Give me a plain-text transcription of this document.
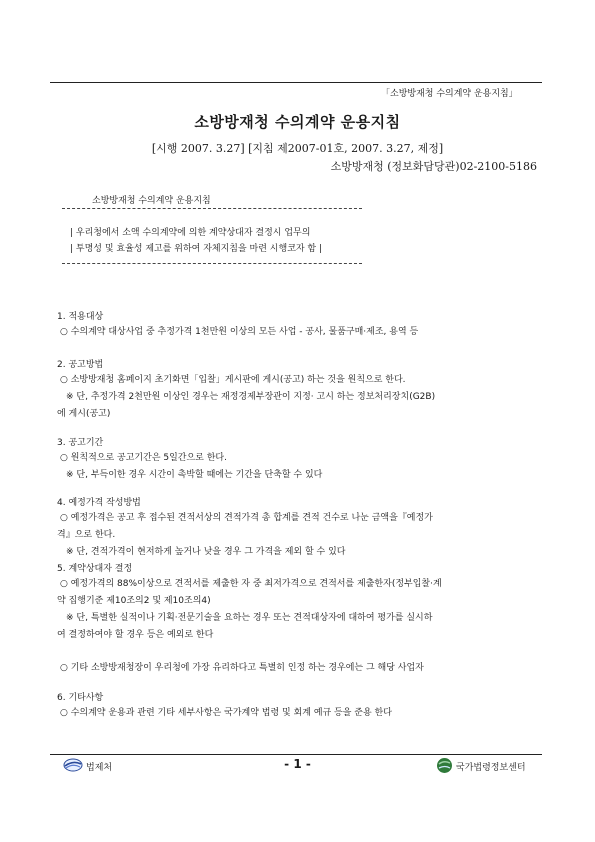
「소방방재청 수의계약 운용지침」
소방방재청 수의계약 운용지침
[시행 2007. 3.27] [지침 제2007-01호, 2007. 3.27, 제정]
소방방재청 (정보화담당관)02-2100-5186
소방방재청 수의계약 운용지침
| 우리청에서 소액 수의계약에 의한 계약상대자 결정시 업무의
| 투명성 및 효율성 제고를 위하여 자체지침을 마련 시행코자 함 |
1. 적용대상
○ 수의계약 대상사업 중 추정가격 1천만원 이상의 모든 사업 - 공사, 물품구매·제조, 용역 등
2. 공고방법
○ 소방방재청 홈페이지 초기화면「입찰」게시판에 게시(공고) 하는 것을 원칙으로 한다.
※ 단, 추정가격 2천만원 이상인 경우는 재정경제부장관이 지정· 고시 하는 정보처리장치(G2B)
에 게시(공고)
3. 공고기간
○ 원칙적으로 공고기간은 5일간으로 한다.
※ 단, 부득이한 경우 시간이 촉박할 때에는 기간을 단축할 수 있다
4. 예정가격 작성방법
○ 예정가격은 공고 후 접수된 견적서상의 견적가격 총 합계를 견적 건수로 나눈 금액을『예정가
격』으로 한다.
※ 단, 견적가격이 현저하게 높거나 낮을 경우 그 가격을 제외 할 수 있다
5. 계약상대자 결정
○ 예정가격의 88%이상으로 견적서를 제출한 자 중 최저가격으로 견적서를 제출한자(정부입찰·계
약 집행기준 제10조의2 및 제10조의4)
※ 단, 특별한 실적이나 기획·전문기술을 요하는 경우 또는 견적대상자에 대하여 평가를 실시하
여 결정하여야 할 경우 등은 예외로 한다
○ 기타 소방방재청장이 우리청에 가장 유리하다고 특별히 인정 하는 경우에는 그 해당 사업자
6. 기타사항
○ 수의계약 운용과 관련 기타 세부사항은 국가계약 법령 및 회계 예규 등을 준용 한다
법제처	- 1 -	국가법령정보센터
